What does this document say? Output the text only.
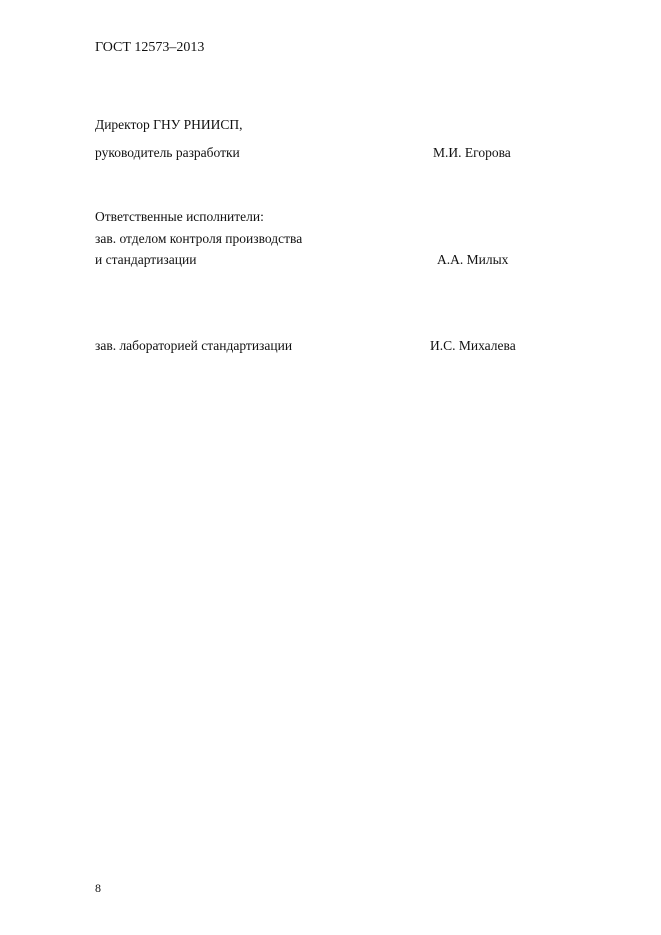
ГОСТ 12573–2013
Директор ГНУ РНИИСП,
руководитель разработки	М.И. Егорова
Ответственные исполнители:
зав. отделом контроля производства
и стандартизации	А.А. Милых
зав. лабораторией стандартизации	И.С. Михалева
8
